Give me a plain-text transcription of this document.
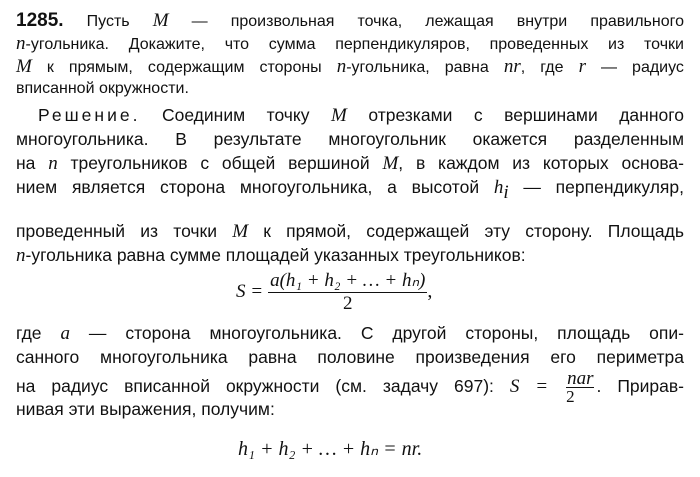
1285. Пусть M — произвольная точка, лежащая внутри правильного
n-угольника. Докажите, что сумма перпендикуляров, проведенных из точки
M к прямым, содержащим стороны n-угольника, равна nr, где r — радиус
вписанной окружности.
Решение. Соединим точку M отрезками с вершинами данного
многоугольника. В результате многоугольник окажется разделенным
на n треугольников с общей вершиной M, в каждом из которых основа-
нием является сторона многоугольника, а высотой $h_i$ — перпендикуляр,
проведенный из точки M к прямой, содержащей эту сторону. Площадь
n-угольника равна сумме площадей указанных треугольников:
$S = \frac{\text{a(h₁ + h₂ + … + hₙ)}}{2}$ ,
где a — сторона многоугольника. С другой стороны, площадь опи-
санного многоугольника равна половине произведения его периметра
на радиус вписанной окружности (см. задачу 697): S = nar
2
. Прирав-
нивая эти выражения, получим:
h₁ + h₂ + … + hₙ = nr.
